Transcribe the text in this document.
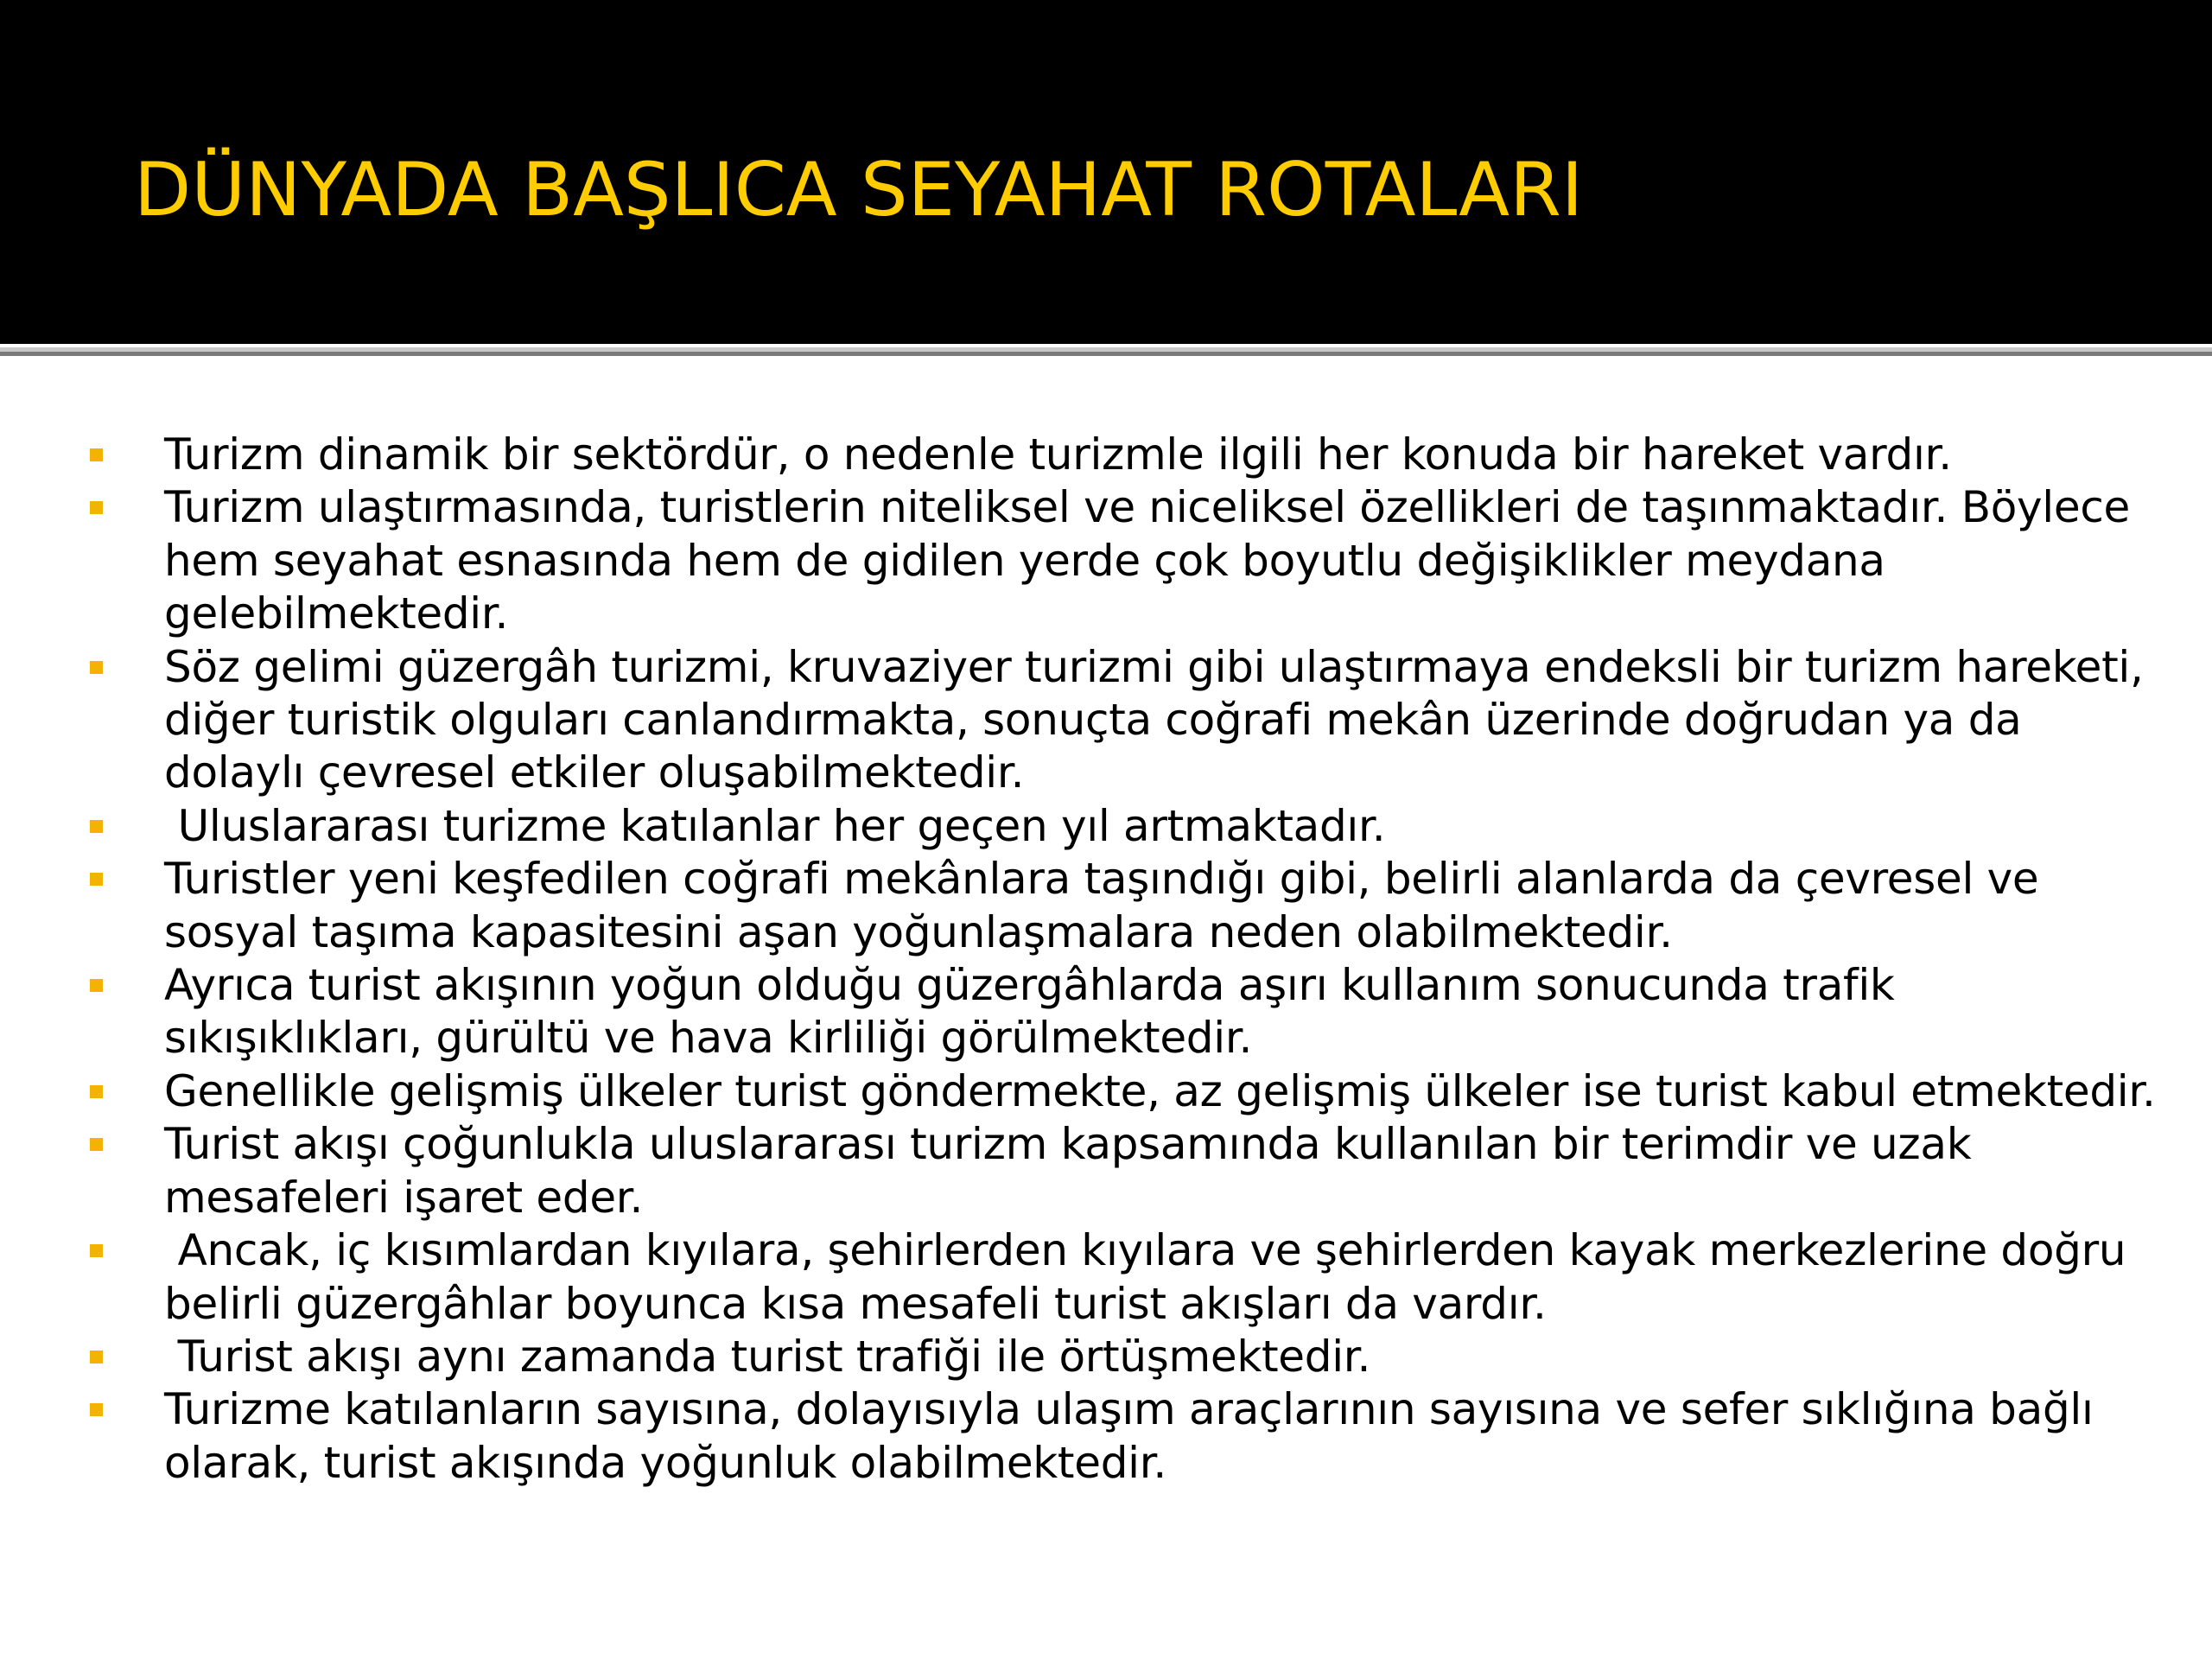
DÜNYADA BAŞLICA SEYAHAT ROTALARI
Turizm dinamik bir sektördür, o nedenle turizmle ilgili her konuda bir hareket vardır.
Turizm ulaştırmasında, turistlerin niteliksel ve niceliksel özellikleri de taşınmaktadır. Böylece hem seyahat esnasında hem de gidilen yerde çok boyutlu değişiklikler meydana gelebilmektedir.
Söz gelimi güzergâh turizmi, kruvaziyer turizmi gibi ulaştırmaya endeksli bir turizm hareketi, diğer turistik olguları canlandırmakta, sonuçta coğrafi mekân üzerinde doğrudan ya da dolaylı çevresel etkiler oluşabilmektedir.
Uluslararası turizme katılanlar her geçen yıl artmaktadır.
Turistler yeni keşfedilen coğrafi mekânlara taşındığı gibi, belirli alanlarda da çevresel ve sosyal taşıma kapasitesini aşan yoğunlaşmalara neden olabilmektedir.
Ayrıca turist akışının yoğun olduğu güzergâhlarda aşırı kullanım sonucunda trafik sıkışıklıkları, gürültü ve hava kirliliği görülmektedir.
Genellikle gelişmiş ülkeler turist göndermekte, az gelişmiş ülkeler ise turist kabul etmektedir.
Turist akışı çoğunlukla uluslararası turizm kapsamında kullanılan bir terimdir ve uzak mesafeleri işaret eder.
Ancak, iç kısımlardan kıyılara, şehirlerden kıyılara ve şehirlerden kayak merkezlerine doğru belirli güzergâhlar boyunca kısa mesafeli turist akışları da vardır.
Turist akışı aynı zamanda turist trafiği ile örtüşmektedir.
Turizme katılanların sayısına, dolayısıyla ulaşım araçlarının sayısına ve sefer sıklığına bağlı olarak, turist akışında yoğunluk olabilmektedir.
